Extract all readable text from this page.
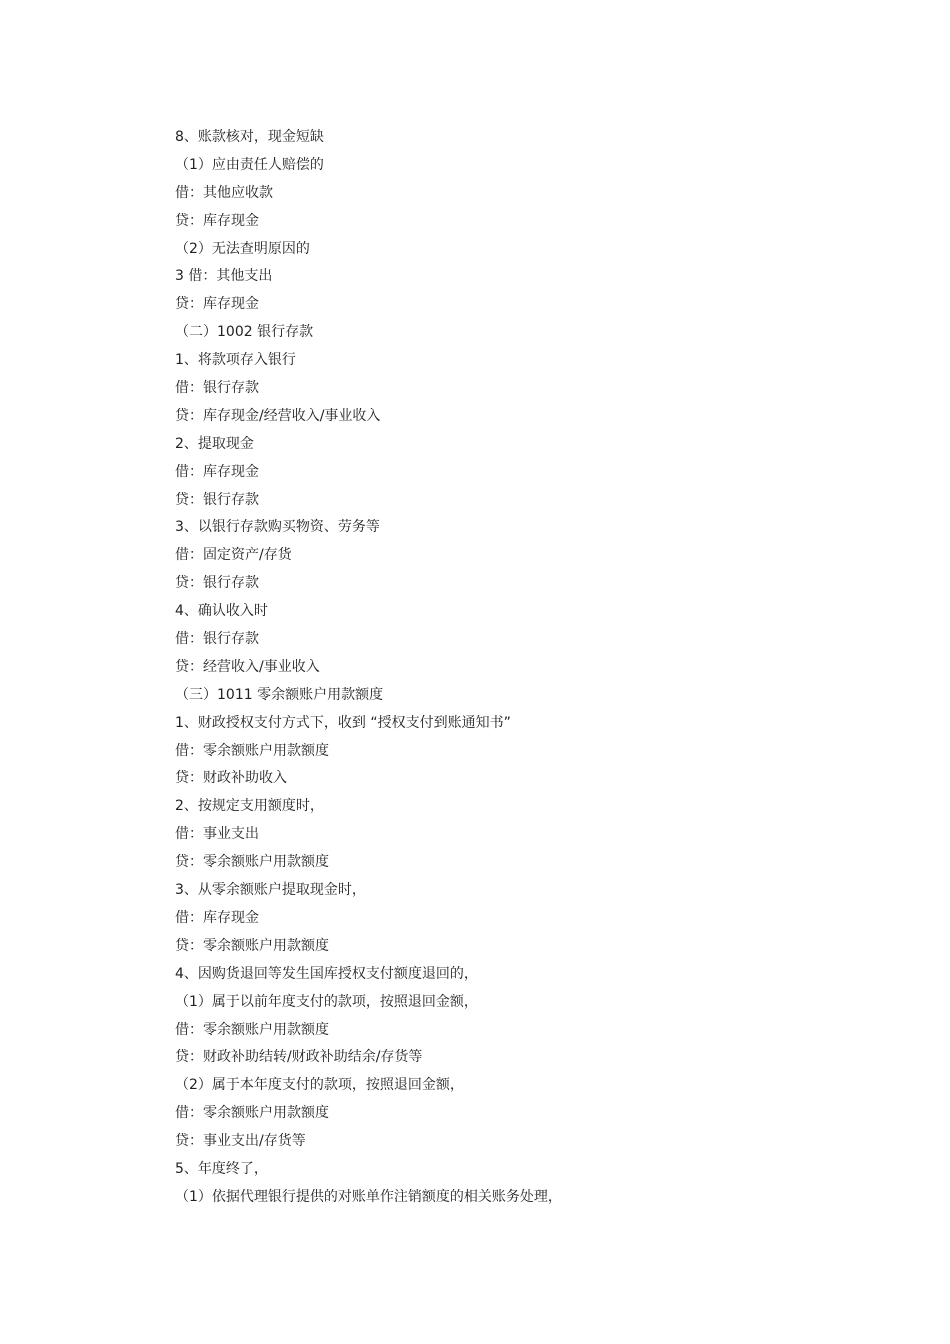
8、账款核对，现金短缺
（1）应由责任人赔偿的
借：其他应收款
贷：库存现金
（2）无法查明原因的
3 借：其他支出
贷：库存现金
（二）1002 银行存款
1、将款项存入银行
借：银行存款
贷：库存现金/经营收入/事业收入
2、提取现金
借：库存现金
贷：银行存款
3、以银行存款购买物资、劳务等
借：固定资产/存货
贷：银行存款
4、确认收入时
借：银行存款
贷：经营收入/事业收入
（三）1011 零余额账户用款额度
1、财政授权支付方式下，收到 “授权支付到账通知书”
借：零余额账户用款额度
贷：财政补助收入
2、按规定支用额度时，
借：事业支出
贷：零余额账户用款额度
3、从零余额账户提取现金时，
借：库存现金
贷：零余额账户用款额度
4、因购货退回等发生国库授权支付额度退回的，
（1）属于以前年度支付的款项，按照退回金额，
借：零余额账户用款额度
贷：财政补助结转/财政补助结余/存货等
（2）属于本年度支付的款项，按照退回金额，
借：零余额账户用款额度
贷：事业支出/存货等
5、年度终了，
（1）依据代理银行提供的对账单作注销额度的相关账务处理，
